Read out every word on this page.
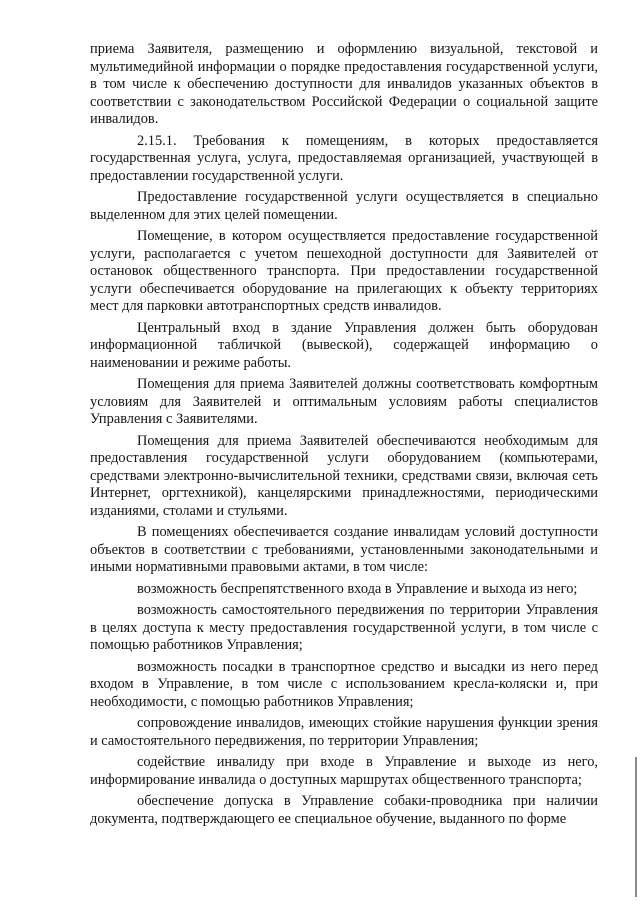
приема Заявителя, размещению и оформлению визуальной, текстовой и мультимедийной информации о порядке предоставления государственной услуги, в том числе к обеспечению доступности для инвалидов указанных объектов в соответствии с законодательством Российской Федерации о социальной защите инвалидов.

2.15.1. Требования к помещениям, в которых предоставляется государственная услуга, услуга, предоставляемая организацией, участвующей в предоставлении государственной услуги.

Предоставление государственной услуги осуществляется в специально выделенном для этих целей помещении.

Помещение, в котором осуществляется предоставление государственной услуги, располагается с учетом пешеходной доступности для Заявителей от остановок общественного транспорта. При предоставлении государственной услуги обеспечивается оборудование на прилегающих к объекту территориях мест для парковки автотранспортных средств инвалидов.

Центральный вход в здание Управления должен быть оборудован информационной табличкой (вывеской), содержащей информацию о наименовании и режиме работы.

Помещения для приема Заявителей должны соответствовать комфортным условиям для Заявителей и оптимальным условиям работы специалистов Управления с Заявителями.

Помещения для приема Заявителей обеспечиваются необходимым для предоставления государственной услуги оборудованием (компьютерами, средствами электронно-вычислительной техники, средствами связи, включая сеть Интернет, оргтехникой), канцелярскими принадлежностями, периодическими изданиями, столами и стульями.

В помещениях обеспечивается создание инвалидам условий доступности объектов в соответствии с требованиями, установленными законодательными и иными нормативными правовыми актами, в том числе:

возможность беспрепятственного входа в Управление и выхода из него;

возможность самостоятельного передвижения по территории Управления в целях доступа к месту предоставления государственной услуги, в том числе с помощью работников Управления;

возможность посадки в транспортное средство и высадки из него перед входом в Управление, в том числе с использованием кресла-коляски и, при необходимости, с помощью работников Управления;

сопровождение инвалидов, имеющих стойкие нарушения функции зрения и самостоятельного передвижения, по территории Управления;

содействие инвалиду при входе в Управление и выходе из него, информирование инвалида о доступных маршрутах общественного транспорта;

обеспечение допуска в Управление собаки-проводника при наличии документа, подтверждающего ее специальное обучение, выданного по форме
